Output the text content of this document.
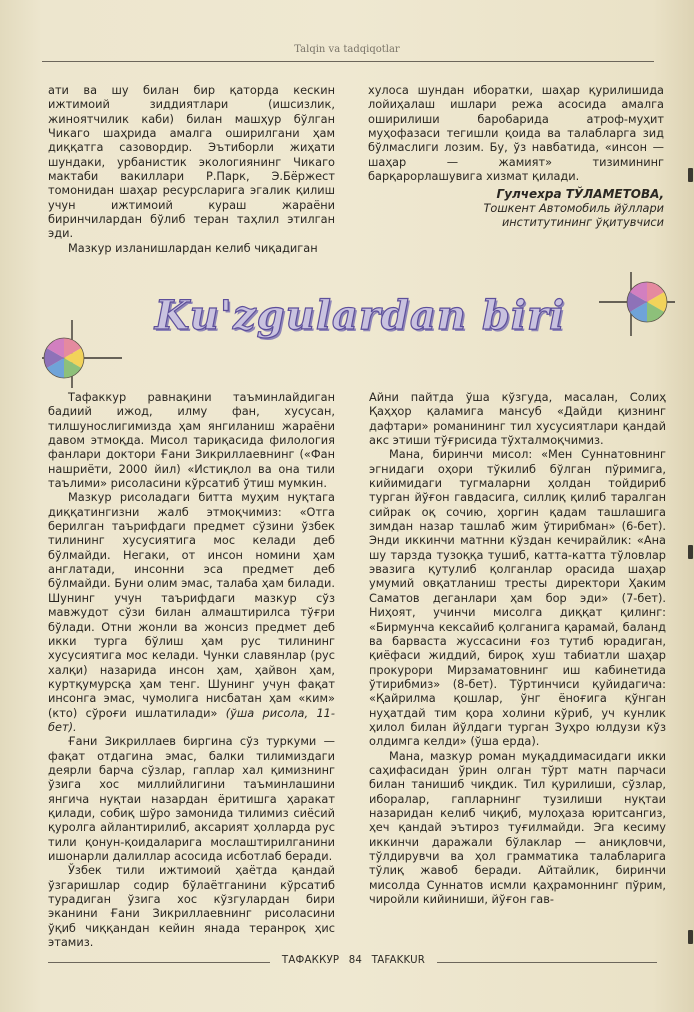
Talqin va tadqiqotlar

ати ва шу билан бир қаторда кескин ижтимоий зиддиятлари (ишсизлик, жиноятчилик каби) билан машҳур бўлган Чикаго шаҳрида амалга оширилгани ҳам диққатга сазовордир. Эътиборли жиҳати шундаки, урбанистик экологиянинг Чикаго мактаби вакиллари Р.Парк, Э.Бёржест томонидан шаҳар ресурсларига эгалик қилиш учун ижтимоий кураш жараёни биринчилардан бўлиб теран таҳлил этилган эди.

Мазкур изланишлардан келиб чиқадиган

хулоса шундан иборатки, шаҳар қурилишида лойиҳалаш ишлари режа асосида амалга оширилиши баробарида атроф-муҳит муҳофазаси тегишли қоида ва талабларга зид бўлмаслиги лозим. Бу, ўз навбатида, «инсон — шаҳар — жамият» тизимининг барқарорлашувига хизмат қилади.

Гулчехра ТЎЛАМЕТОВА,
Тошкент Автомобиль йўллари
институтининг ўқитувчиси
Ku'zgulardan biri

Тафаккур равнақини таъминлайдиган бадиий ижод, илму фан, хусусан, тилшунослигимизда ҳам янгиланиш жараёни давом этмоқда. Мисол тариқасида филология фанлари доктори Ғани Зикриллаевнинг («Фан нашриёти, 2000 йил) «Истиқлол ва она тили таълими» рисоласини кўрсатиб ўтиш мумкин.

Мазкур рисоладаги битта муҳим нуқтага диққатингизни жалб этмоқчимиз: «Отга берилган таърифдаги предмет сўзини ўзбек тилининг хусусиятига мос келади деб бўлмайди. Негаки, от инсон номини ҳам англатади, инсонни эса предмет деб бўлмайди. Буни олим эмас, талаба ҳам билади. Шунинг учун таърифдаги мазкур сўз мавжудот сўзи билан алмаштирилса тўғри бўлади. Отни жонли ва жонсиз предмет деб икки турга бўлиш ҳам рус тилининг хусусиятига мос келади. Чунки славянлар (рус халқи) назарида инсон ҳам, ҳайвон ҳам, куртқумурсқа ҳам тенг. Шунинг учун фақат инсонга эмас, чумолига нисбатан ҳам «ким» (кто) сўроғи ишлатилади» (ўша рисола, 11-бет).

Ғани Зикриллаев биргина сўз туркуми — фақат отдагина эмас, балки тилимиздаги деярли барча сўзлар, гаплар хал қимизнинг ўзига хос миллийлигини таъминлашини янгича нуқтаи назардан ёритишга ҳаракат қилади, собиқ шўро замонида тилимиз сиёсий қуролга айлантирилиб, аксарият ҳолларда рус тили қонун-қоидаларига мослаштирилганини ишонарли далиллар асосида исботлаб беради.

Ўзбек тили ижтимоий ҳаётда қандай ўзгаришлар содир бўлаётганини кўрсатиб турадиган ўзига хос кўзгулардан бири эканини Ғани Зикриллаевнинг рисоласини ўқиб чиққандан кейин янада теранроқ ҳис этамиз.

Айни пайтда ўша кўзгуда, масалан, Солиҳ Қаҳҳор қаламига мансуб «Дайди қизнинг дафтари» романининг тил хусусиятлари қандай акс этиши тўғрисида тўхталмоқчимиз.

Мана, биринчи мисол: «Мен Суннатовнинг эгнидаги оҳори тўкилиб бўлган пўримига, кийимидаги тугмаларни ҳолдан тойдириб турган йўғон гавдасига, силлиқ қилиб таралган сийрак оқ сочию, ҳоргин қадам ташлашига зимдан назар ташлаб жим ўтирибман» (6-бет). Энди иккинчи матнни кўздан кечирайлик: «Ана шу тарзда тузоққа тушиб, катта-катта тўловлар эвазига қутулиб қолганлар орасида шаҳар умумий овқатланиш тресты директори Ҳаким Саматов деганлари ҳам бор эди» (7-бет). Ниҳоят, учинчи мисолга диққат қилинг: «Бирмунча кексайиб қолганига қарамай, баланд ва барваста жуссасини ғоз тутиб юрадиган, қиёфаси жиддий, бироқ хуш табиатли шаҳар прокурори Мирзаматовнинг иш кабинетида ўтирибмиз» (8-бет). Тўртинчиси қуйидагича: «Қайрилма қошлар, ўнг ёноғига қўнган нуҳатдай тим қора холини кўриб, уч кунлик ҳилол билан йўлдаги турган Зуҳро юлдузи кўз олдимга келди» (ўша ерда).

Мана, мазкур роман муқаддимасидаги икки саҳифасидан ўрин олган тўрт матн парчаси билан танишиб чиқдик. Тил қурилиши, сўзлар, иборалар, гапларнинг тузилиши нуқтаи назаридан келиб чиқиб, мулоҳаза юритсангиз, ҳеч қандай эътироз туғилмайди. Эга кесиму иккинчи даражали бўлаклар — аниқловчи, тўлдирувчи ва ҳол грамматика талабларига тўлиқ жавоб беради. Айтайлик, биринчи мисолда Суннатов исмли қаҳрамоннинг пўрим, чиройли кийиниши, йўғон гав-

ТАФАККУР 84 TAFAKKUR
